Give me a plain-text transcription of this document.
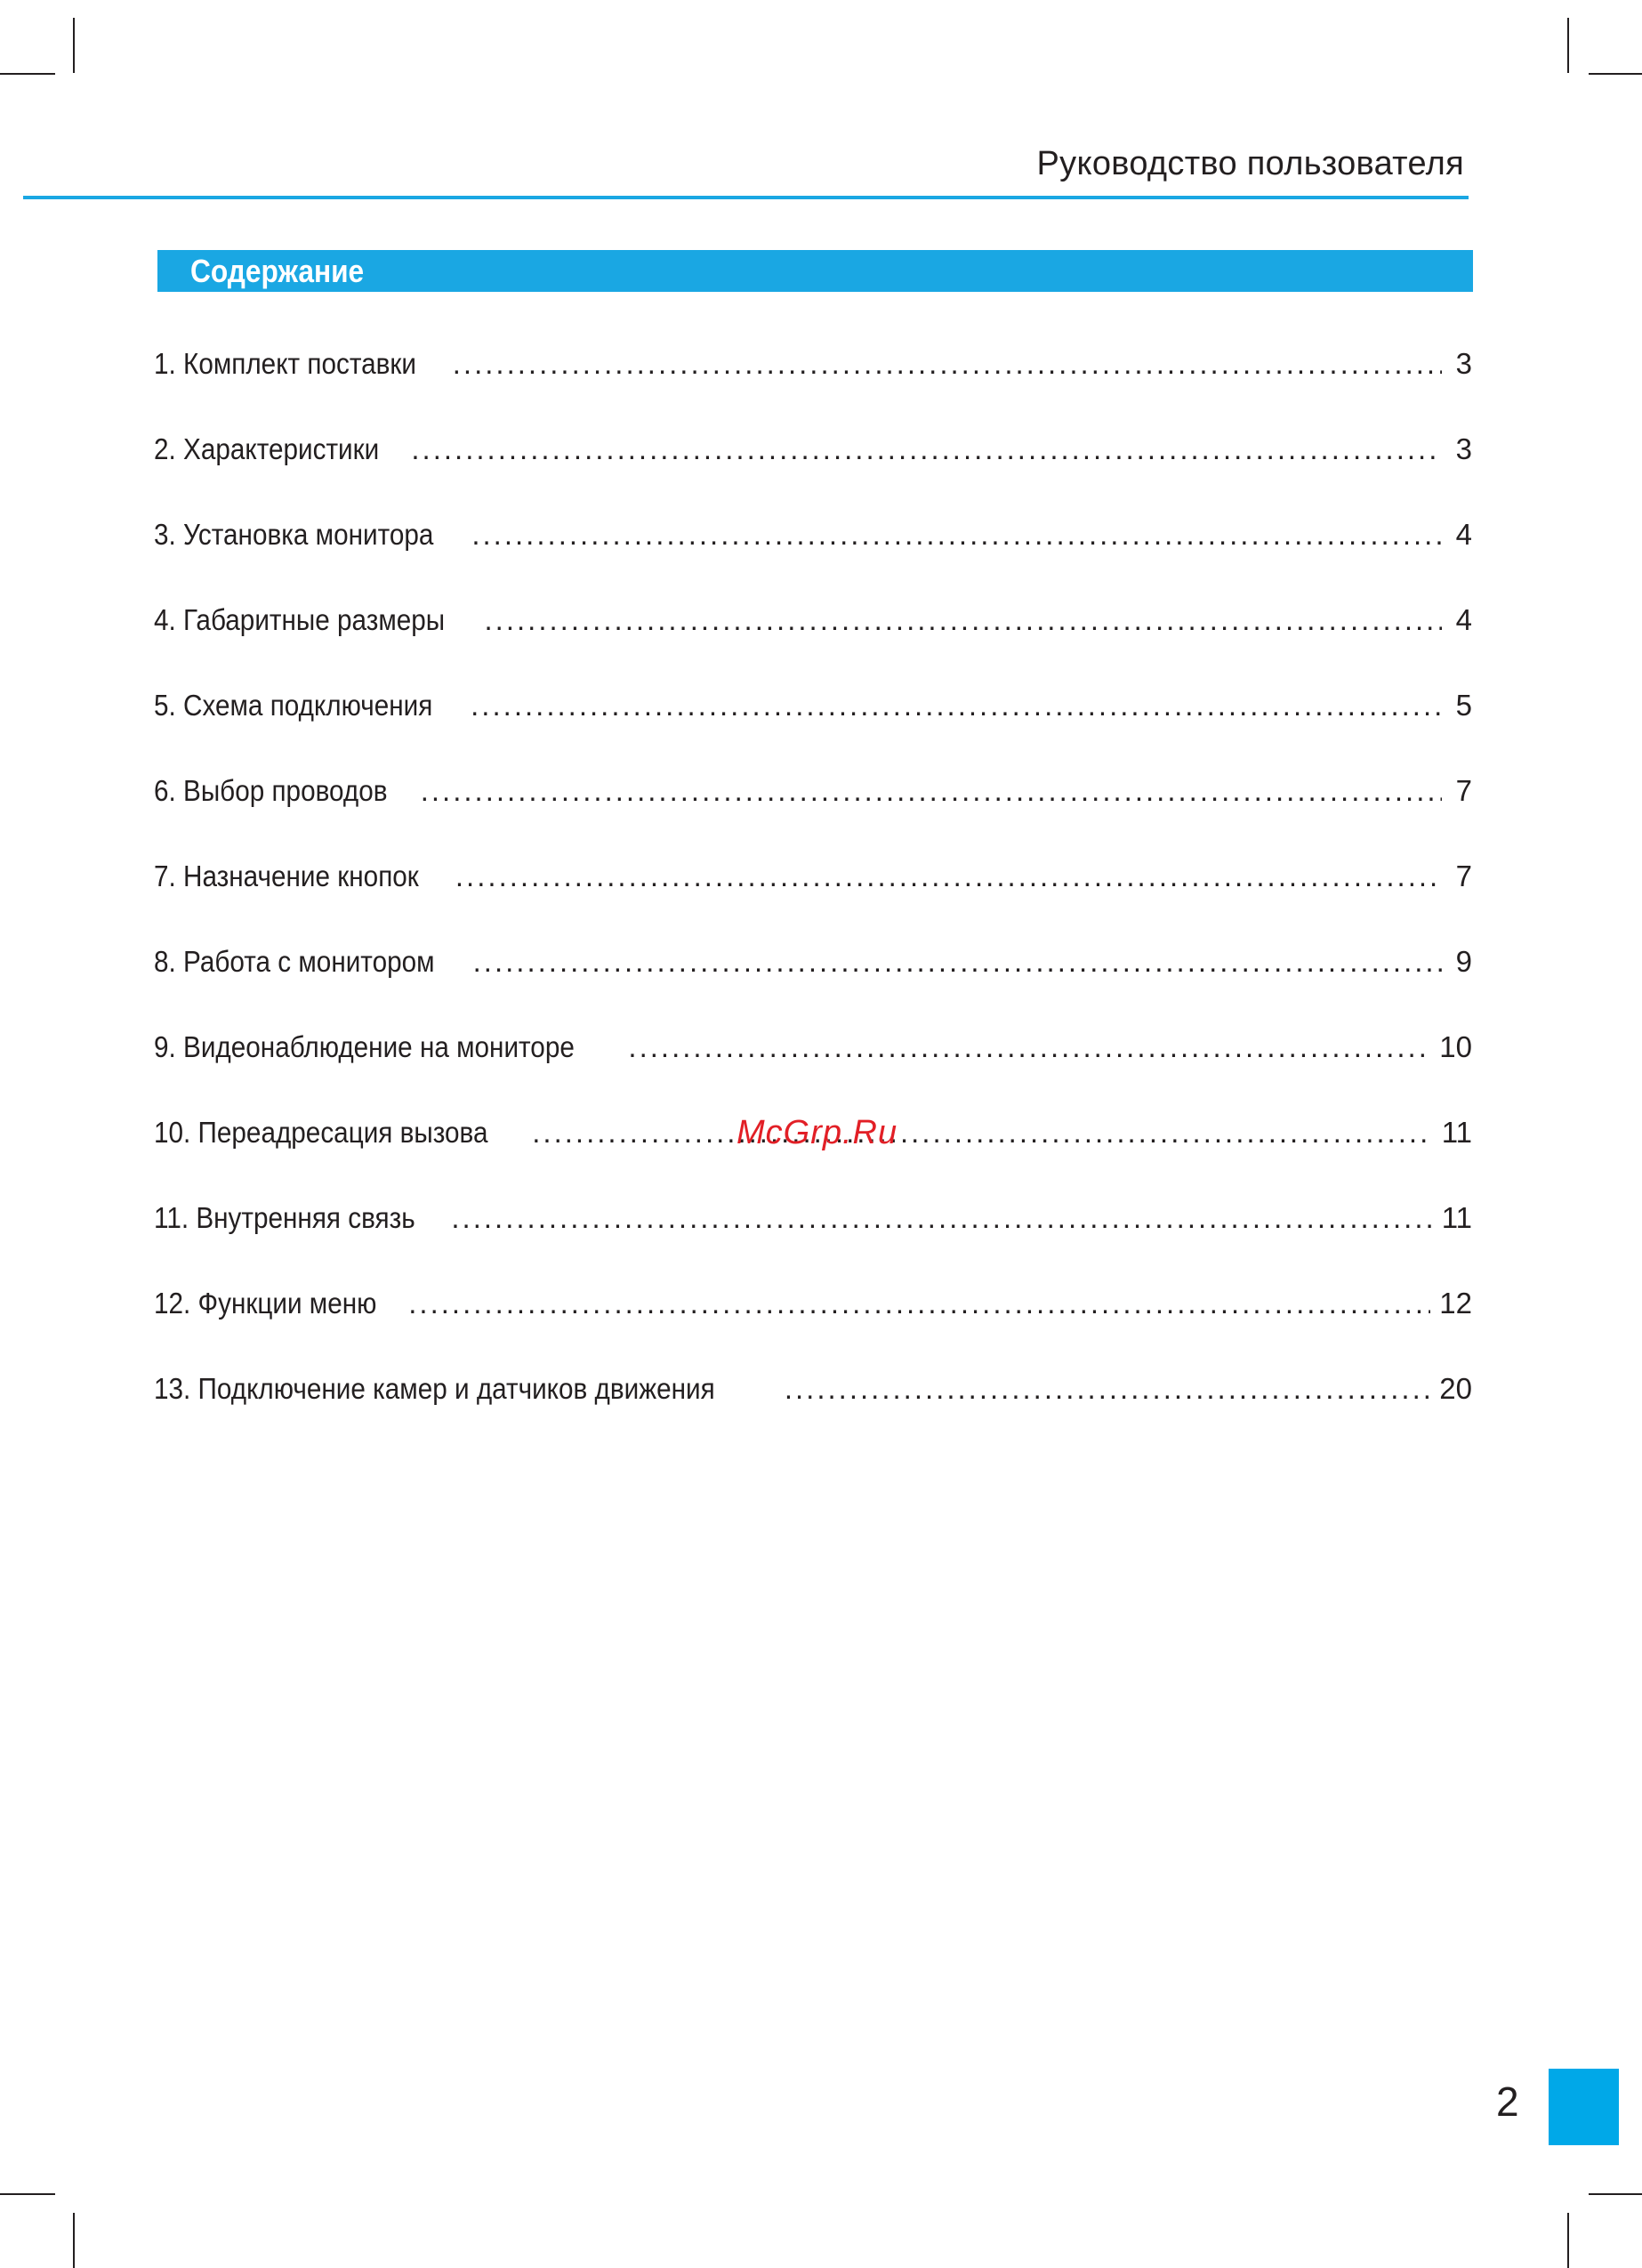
Руководство пользователя
Содержание
1. Комплект поставки .....	3
2. Характеристики .....	3
3. Установка монитора .....	4
4. Габаритные размеры .....	4
5. Схема подключения .....	5
6. Выбор проводов .....	7
7. Назначение кнопок .....	7
8. Работа с монитором .....	9
9. Видеонаблюдение на мониторе .....	10
10. Переадресация вызова .....	11
11. Внутренняя связь .....	11
12. Функции меню .....	12
13. Подключение камер и датчиков движения .....	20
McGrp.Ru
2
